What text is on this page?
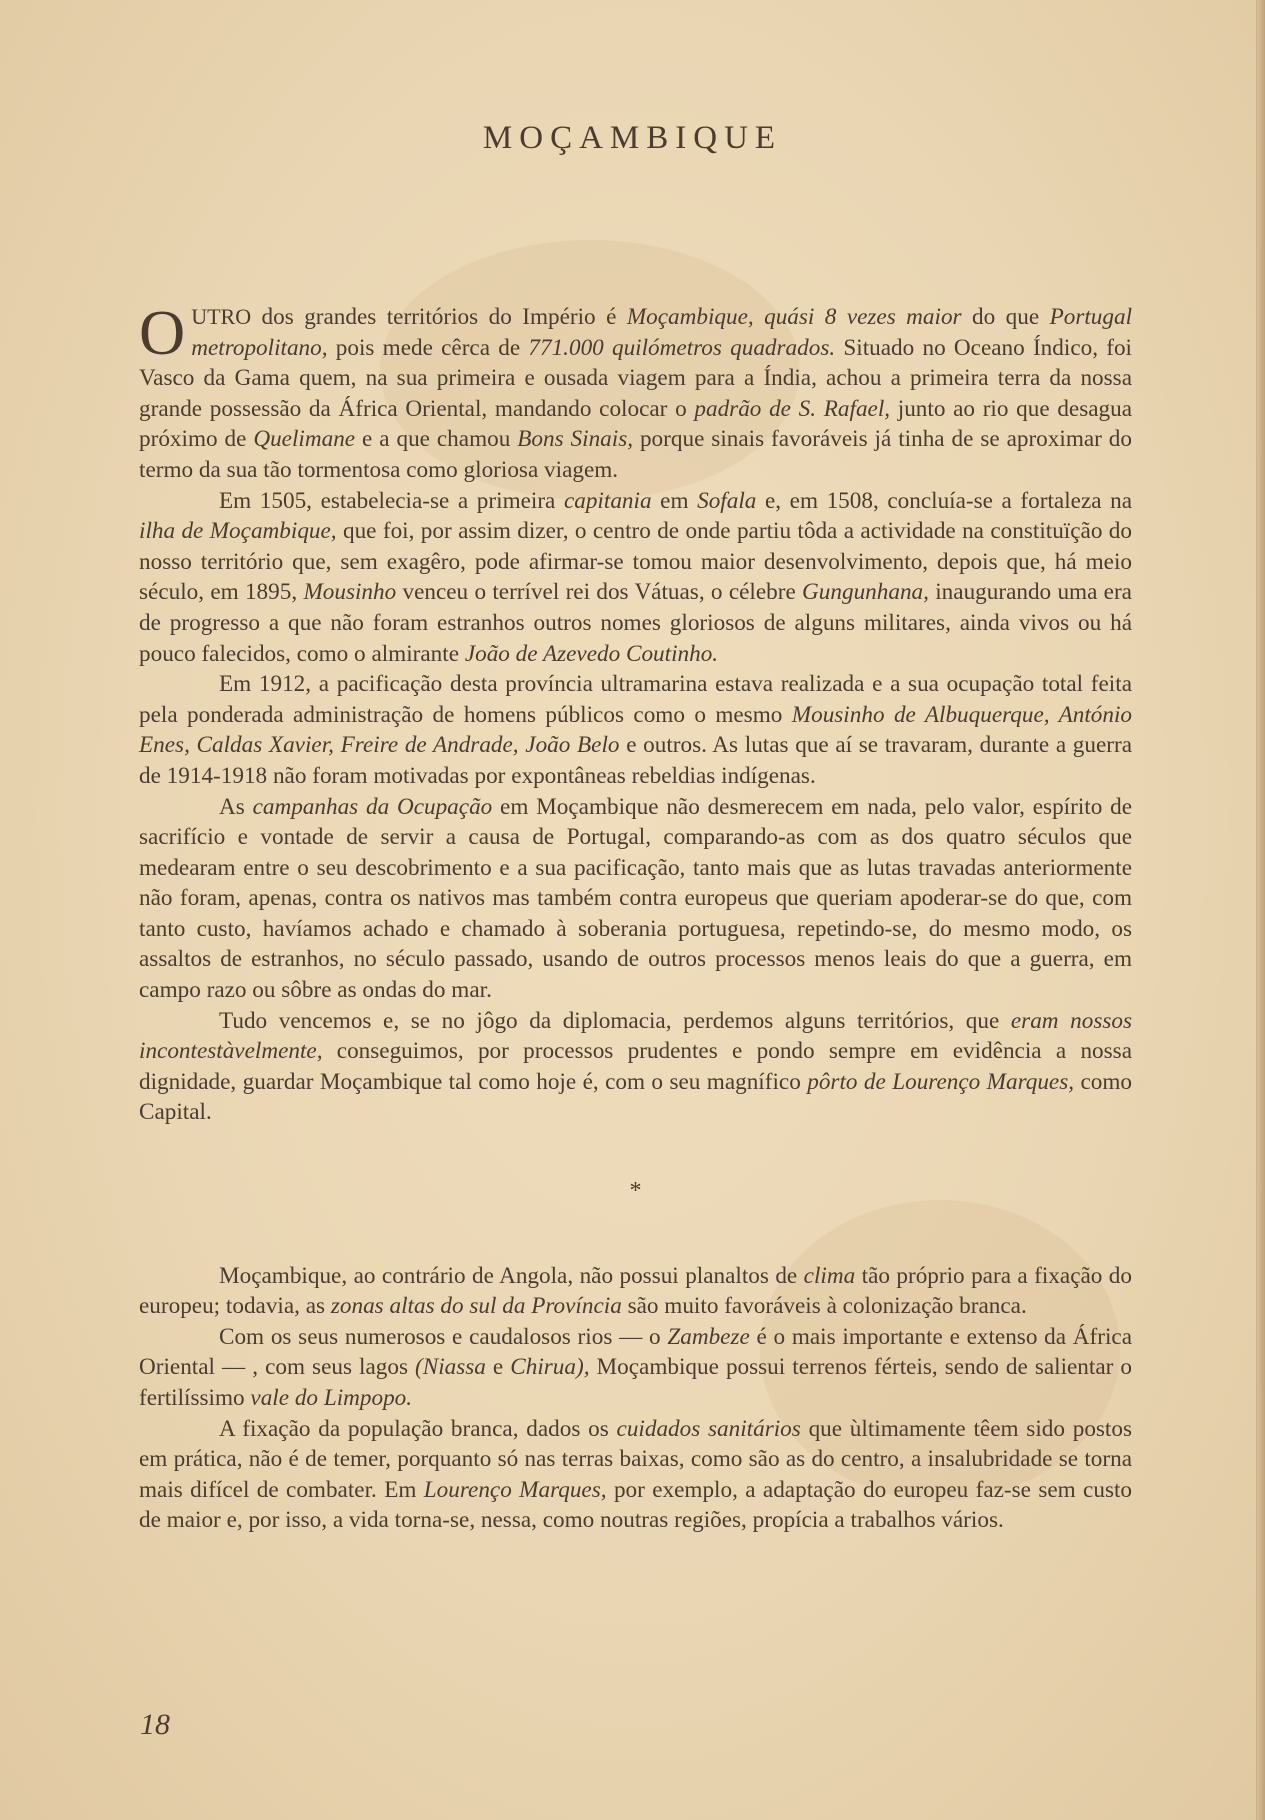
MOÇAMBIQUE

O UTRO dos grandes territórios do Império é Moçambique, quási 8 vezes maior do que Portugal metropolitano, pois mede cêrca de 771.000 quilómetros quadrados. Situado no Oceano Índico, foi Vasco da Gama quem, na sua primeira e ousada viagem para a Índia, achou a primeira terra da nossa grande possessão da África Oriental, mandando colocar o padrão de S. Rafael, junto ao rio que desagua próximo de Quelimane e a que chamou Bons Sinais, porque sinais favoráveis já tinha de se aproximar do termo da sua tão tormentosa como gloriosa viagem.

Em 1505, estabelecia-se a primeira capitania em Sofala e, em 1508, concluía-se a fortaleza na ilha de Moçambique, que foi, por assim dizer, o centro de onde partiu tôda a actividade na constituïção do nosso território que, sem exagêro, pode afirmar-se tomou maior desenvolvimento, depois que, há meio século, em 1895, Mousinho venceu o terrível rei dos Vátuas, o célebre Gungunhana, inaugurando uma era de progresso a que não foram estranhos outros nomes gloriosos de alguns militares, ainda vivos ou há pouco falecidos, como o almirante João de Azevedo Coutinho.

Em 1912, a pacificação desta província ultramarina estava realizada e a sua ocupação total feita pela ponderada administração de homens públicos como o mesmo Mousinho de Albuquerque, António Enes, Caldas Xavier, Freire de Andrade, João Belo e outros. As lutas que aí se travaram, durante a guerra de 1914-1918 não foram motivadas por expontâneas rebeldias indígenas.

As campanhas da Ocupação em Moçambique não desmerecem em nada, pelo valor, espírito de sacrifício e vontade de servir a causa de Portugal, comparando-as com as dos quatro séculos que medearam entre o seu descobrimento e a sua pacificação, tanto mais que as lutas travadas anteriormente não foram, apenas, contra os nativos mas também contra europeus que queriam apoderar-se do que, com tanto custo, havíamos achado e chamado à soberania portuguesa, repetindo-se, do mesmo modo, os assaltos de estranhos, no século passado, usando de outros processos menos leais do que a guerra, em campo razo ou sôbre as ondas do mar.

Tudo vencemos e, se no jôgo da diplomacia, perdemos alguns territórios, que eram nossos incontestàvelmente, conseguimos, por processos prudentes e pondo sempre em evidência a nossa dignidade, guardar Moçambique tal como hoje é, com o seu magnífico pôrto de Lourenço Marques, como Capital.

*

Moçambique, ao contrário de Angola, não possui planaltos de clima tão próprio para a fixação do europeu; todavia, as zonas altas do sul da Província são muito favoráveis à colonização branca.

Com os seus numerosos e caudalosos rios — o Zambeze é o mais importante e extenso da África Oriental — , com seus lagos (Niassa e Chirua), Moçambique possui terrenos férteis, sendo de salientar o fertilíssimo vale do Limpopo.

A fixação da população branca, dados os cuidados sanitários que ùltimamente têem sido postos em prática, não é de temer, porquanto só nas terras baixas, como são as do centro, a insalubridade se torna mais difícel de combater. Em Lourenço Marques, por exemplo, a adaptação do europeu faz-se sem custo de maior e, por isso, a vida torna-se, nessa, como noutras regiões, propícia a trabalhos vários.

18
